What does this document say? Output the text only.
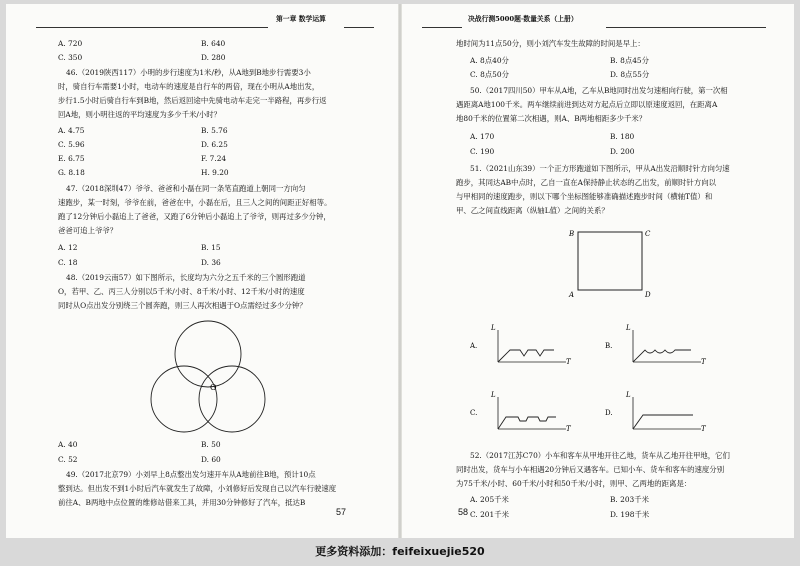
第一章 数学运算
A. 720	B. 640
C. 350	D. 280
46.（2019陕西117）小明的步行速度为1米/秒，从A地到B地步行需要3小
时，骑自行车需要1小时，电动车的速度是自行车的两倍，现在小明从A地出发，
步行1.5小时后骑自行车到B地，然后返回途中先骑电动车走完一半路程，再步行返
回A地，则小明往返的平均速度为多少千米/小时？
A. 4.75	B. 5.76
C. 5.96	D. 6.25
E. 6.75	F. 7.24
G. 8.18	H. 9.20
47.（2018深圳47）爷爷、爸爸和小磊在同一条笔直跑道上朝同一方向匀
速跑步，某一时刻，爷爷在前，爸爸在中，小磊在后，且三人之间的间距正好相等。
跑了12分钟后小磊追上了爸爸，又跑了6分钟后小磊追上了爷爷，则再过多少分钟，
爸爸可追上爷爷？
A. 12	B. 15
C. 18	D. 36
48.（2019云南57）如下图所示，长度均为六分之五千米的三个圆形跑道
O，若甲、乙、丙三人分别以5千米/小时、8千米/小时、12千米/小时的速度
同时从O点出发分别绕三个圆奔跑，则三人再次相遇于O点需经过多少分钟？
O
A. 40	B. 50
C. 52	D. 60
49.（2017北京79）小刘早上8点整出发匀速开车从A地前往B地，预计10点
整到达。但出发不到1小时后汽车就发生了故障，小刘修好后发现自己以汽车行驶速度
前往A、B两地中点位置的维修站借来工具，并用30分钟修好了汽车，抵达B
57
决战行测5000题·数量关系（上册）
地时间为11点50分，则小刘汽车发生故障的时间是早上：
A. 8点40分	B. 8点45分
C. 8点50分	D. 8点55分
50.（2017四川50）甲车从A地，乙车从B地同时出发匀速相向行驶，第一次相
遇距离A地100千米。两车继续前进到达对方起点后立即以原速度返回，在距离A
地80千米的位置第二次相遇，则A、B两地相距多少千米？
A. 170	B. 180
C. 190	D. 200
51.（2021山东39）一个正方形跑道如下图所示，甲从A出发沿顺时针方向匀速
跑步，其同达AB中点时，乙自一直在A保持静止状态的乙出发，前顺时针方向以
与甲相同的速度跑步，则以下哪个坐标图能够准确描述跑步时间（横轴T值）和
甲、乙之间直线距离（纵轴L值）之间的关系？
B	C
A	D
A.
L
T
B.
L
T
C.
L
T
D.
L
T
52.（2017江苏C70）小车和客车从甲地开往乙地，货车从乙地开往甲地，它们
同时出发，货车与小车相遇20分钟后又遇客车。已知小车、货车和客车的速度分别
为75千米/小时、60千米/小时和50千米/小时，则甲、乙两地的距离是：
A. 205千米	B. 203千米
C. 201千米	D. 198千米
58
更多资料添加：feifeixuejie520
